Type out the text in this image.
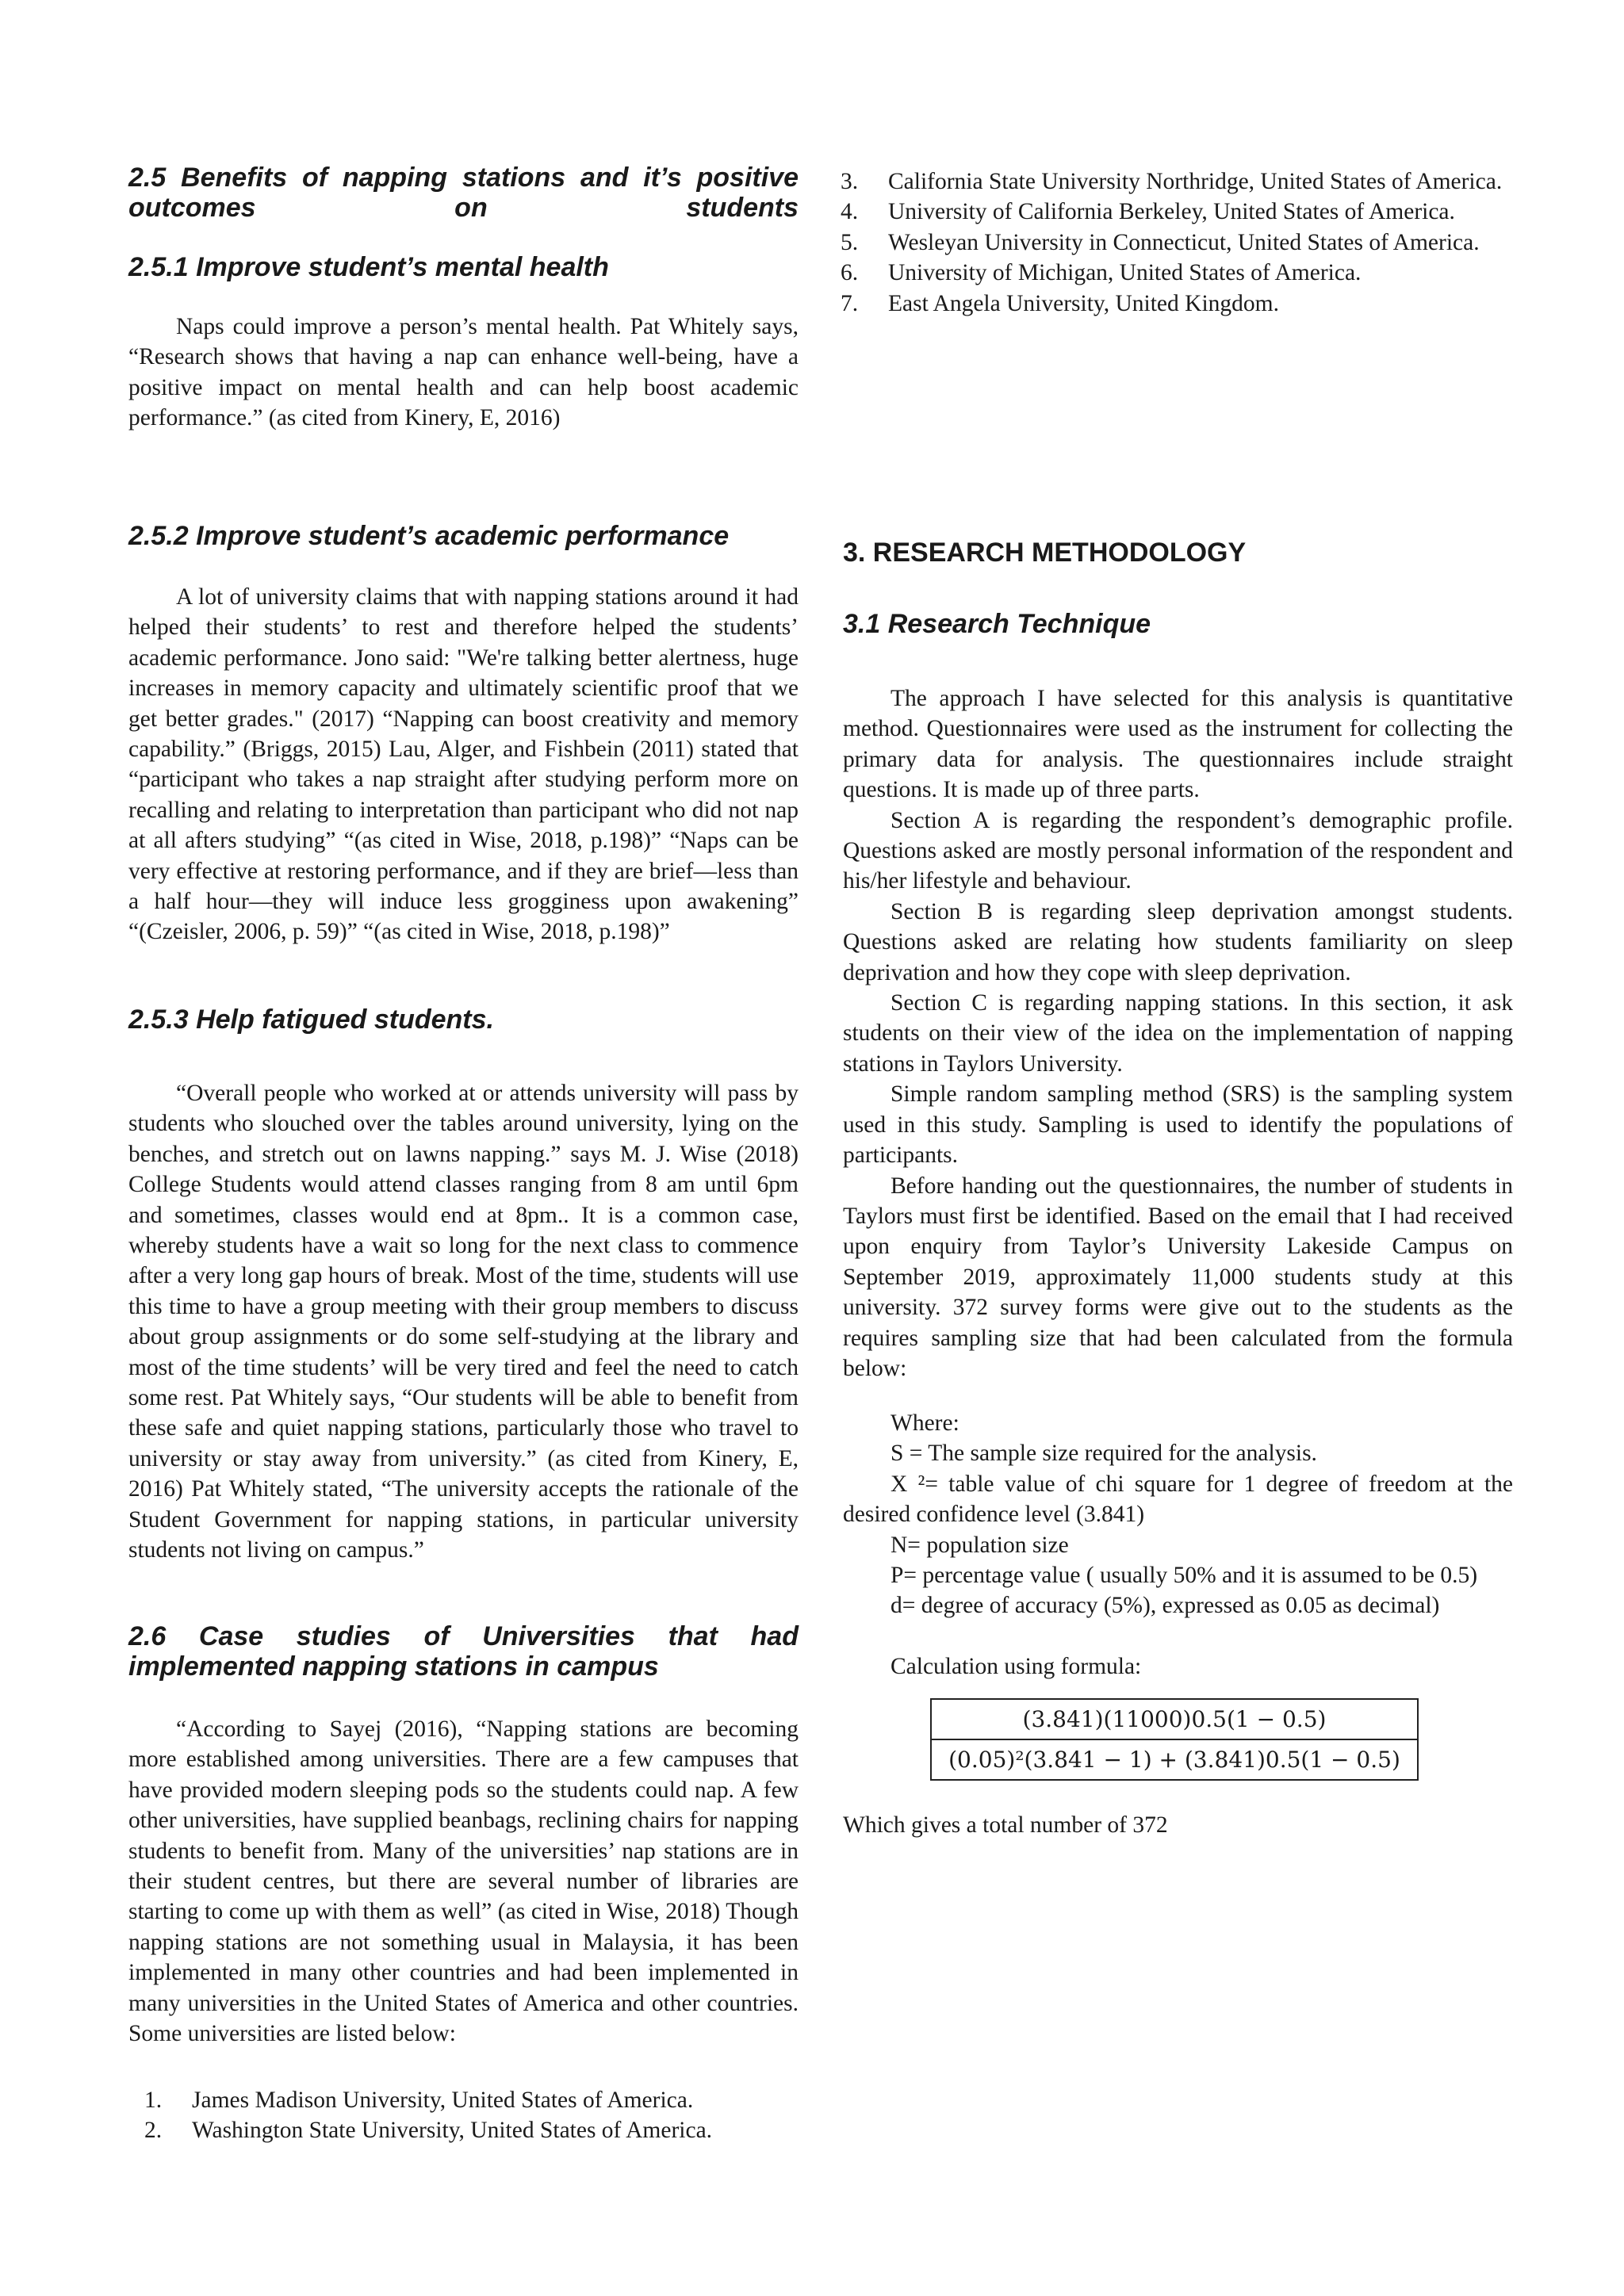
2.5 Benefits of napping stations and it’s positive outcomes on students
2.5.1 Improve student’s mental health

Naps could improve a person’s mental health. Pat Whitely says, “Research shows that having a nap can enhance well-being, have a positive impact on mental health and can help boost academic performance.” (as cited from Kinery, E, 2016)

2.5.2 Improve student’s academic performance

A lot of university claims that with napping stations around it had helped their students’ to rest and therefore helped the students’ academic performance. Jono said: "We're talking better alertness, huge increases in memory capacity and ultimately scientific proof that we get better grades." (2017) “Napping can boost creativity and memory capability.” (Briggs, 2015) Lau, Alger, and Fishbein (2011) stated that “participant who takes a nap straight after studying perform more on recalling and relating to interpretation than participant who did not nap at all afters studying” “(as cited in Wise, 2018, p.198)” “Naps can be very effective at restoring performance, and if they are brief—less than a half hour—they will induce less grogginess upon awakening” “(Czeisler, 2006, p. 59)” “(as cited in Wise, 2018, p.198)”

2.5.3 Help fatigued students.

“Overall people who worked at or attends university will pass by students who slouched over the tables around university, lying on the benches, and stretch out on lawns napping.” says M. J. Wise (2018) College Students would attend classes ranging from 8 am until 6pm and sometimes, classes would end at 8pm.. It is a common case, whereby students have a wait so long for the next class to commence after a very long gap hours of break. Most of the time, students will use this time to have a group meeting with their group members to discuss about group assignments or do some self-studying at the library and most of the time students’ will be very tired and feel the need to catch some rest. Pat Whitely says, “Our students will be able to benefit from these safe and quiet napping stations, particularly those who travel to university or stay away from university.” (as cited from Kinery, E, 2016) Pat Whitely stated, “The university accepts the rationale of the Student Government for napping stations, in particular university students not living on campus.”

2.6 Case studies of Universities that had implemented napping stations in campus

“According to Sayej (2016), “Napping stations are becoming more established among universities. There are a few campuses that have provided modern sleeping pods so the students could nap. A few other universities, have supplied beanbags, reclining chairs for napping students to benefit from. Many of the universities’ nap stations are in their student centres, but there are several number of libraries are starting to come up with them as well” (as cited in Wise, 2018) Though napping stations are not something usual in Malaysia, it has been implemented in many other countries and had been implemented in many universities in the United States of America and other countries. Some universities are listed below:

1. James Madison University, United States of America.
2. Washington State University, United States of America.
3. California State University Northridge, United States of America.
4. University of California Berkeley, United States of America.
5. Wesleyan University in Connecticut, United States of America.
6. University of Michigan, United States of America.
7. East Angela University, United Kingdom.
3. RESEARCH METHODOLOGY
3.1 Research Technique

The approach I have selected for this analysis is quantitative method. Questionnaires were used as the instrument for collecting the primary data for analysis. The questionnaires include straight questions. It is made up of three parts.

Section A is regarding the respondent’s demographic profile. Questions asked are mostly personal information of the respondent and his/her lifestyle and behaviour.

Section B is regarding sleep deprivation amongst students. Questions asked are relating how students familiarity on sleep deprivation and how they cope with sleep deprivation.

Section C is regarding napping stations. In this section, it ask students on their view of the idea on the implementation of napping stations in Taylors University.

Simple random sampling method (SRS) is the sampling system used in this study. Sampling is used to identify the populations of participants.

Before handing out the questionnaires, the number of students in Taylors must first be identified. Based on the email that I had received upon enquiry from Taylor’s University Lakeside Campus on September 2019, approximately 11,000 students study at this university. 372 survey forms were give out to the students as the requires sampling size that had been calculated from the formula below:

Where:
S = The sample size required for the analysis.
X ²= table value of chi square for 1 degree of freedom at the desired confidence level (3.841)
N= population size
P= percentage value ( usually 50% and it is assumed to be 0.5)
d= degree of accuracy (5%), expressed as 0.05 as decimal)
Calculation using formula:
$\frac{(3.841)(11000)0.5(1 - 0.5)}{\text{(0.05)²(3.841 − 1) + (3.841)0.5(1 − 0.5)}}$
Which gives a total number of 372
